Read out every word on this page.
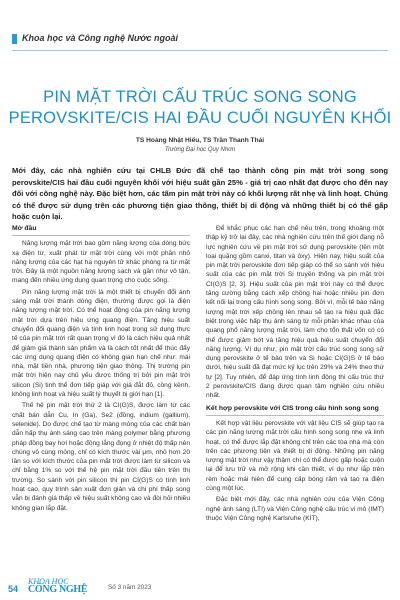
Khoa học và Công nghệ Nước ngoài
PIN MẶT TRỜI CẤU TRÚC SONG SONG
PEROVSKITE/CIS HAI ĐẦU CUỐI NGUYÊN KHỐI
TS Hoàng Nhật Hiếu, TS Trần Thanh Thái
Trường Đại học Quy Nhơn
Mới đây, các nhà nghiên cứu tại CHLB Đức đã chế tạo thành công pin mặt trời song song perovskite/CIS hai đầu cuối nguyên khối với hiệu suất gần 25% - giá trị cao nhất đạt được cho đến nay đối với công nghệ này. Đặc biệt hơn, các tấm pin mặt trời này có khối lượng rất nhẹ và linh hoạt. Chúng có thể được sử dụng trên các phương tiện giao thông, thiết bị di động và những thiết bị có thể gấp hoặc cuộn lại.
Mở đầu

Năng lượng mặt trời bao gồm năng lượng của dòng bức xạ điện từ, xuất phát từ mặt trời cùng với một phần nhỏ năng lượng của các hạt hạ nguyên tử khác phóng ra từ mặt trời. Đây là một nguồn năng lượng sạch và gần như vô tận, mang đến nhiều ứng dụng quan trọng cho cuộc sống.

Pin năng lượng mặt trời là một thiết bị chuyển đổi ánh sáng mặt trời thành dòng điện, thường được gọi là điện năng lượng mặt trời. Có thể hoạt động của pin năng lượng mặt trời dựa trên hiệu ứng quang điện. Tăng hiệu suất chuyển đổi quang điện và tính linh hoạt trong sử dụng thực tế của pin mặt trời rất quan trọng vì đó là cách hiệu quả nhất để giảm giá thành sản phẩm và là cách tốt nhất để thúc đẩy các ứng dụng quang điện có không gian hạn chế như: mái nhà, mặt tiền nhà, phương tiện giao thông. Thị trường pin mặt trời hiện nay chủ yếu được thống trị bởi pin mặt trời silicon (Si) tinh thể đơn tiếp giáp với giá đắt đỏ, cồng kềnh, không linh hoạt và hiệu suất lý thuyết bị giới hạn [1].

Thế hệ pin mặt trời thứ 2 là CI(G)S, được làm từ các chất bán dẫn Cu, In (Ga), Se2 (đồng, indium (gallium), selenide). Do được chế tạo từ màng mỏng của các chất bán dẫn hấp thụ ánh sáng cao trên màng polymer bằng phương pháp đồng bay hơi hoặc đồng lắng đọng ở nhiệt độ thấp nên chúng vô cùng mỏng, chỉ có kích thước vài μm, nhỏ hơn 20 lần so với kích thước của pin mặt trời được làm từ silicon và chỉ bằng 1% so với thế hệ pin mặt trời đầu tiên trên thị trường. So sánh với pin silicon thì pin CI(G)S có tính linh hoạt cao, quy trình sản xuất đơn giản và chi phí thấp song vẫn bị đánh giá thấp về hiệu suất không cao và đòi hỏi nhiều không gian lắp đặt.

Để khắc phục các hạn chế nêu trên, trong khoảng một thập kỷ trở lại đây, các nhà nghiên cứu trên thế giới đang nỗ lực nghiên cứu về pin mặt trời sử dụng perovskite (tên một loại quặng gồm canxi, titan và ôxy). Hiện nay, hiệu suất của pin mặt trời perovskite đơn tiếp giáp có thể so sánh với hiệu suất của các pin mặt trời Si truyền thống và pin mặt trời CI(G)S [2, 3]. Hiệu suất của pin mặt trời này có thể được tăng cường bằng cách xếp chồng hai hoặc nhiều pin đơn kết nối lại trong cấu hình song song. Bởi vì, mỗi tế bào năng lượng mặt trời xếp chồng lên nhau sẽ tạo ra hiệu quả đặc biệt trong việc hấp thụ ánh sáng từ mỗi phần khác nhau của quang phổ năng lượng mặt trời, làm cho tổn thất vốn có có thể được giảm bớt và tăng hiệu quả hiệu suất chuyển đổi năng lượng. Ví dụ như, pin mặt trời cấu trúc song song sử dụng perovskite ở tế bào trên và Si hoặc CI(G)S ở tế bào dưới, hiệu suất đã đạt mức kỷ lục trên 29% và 24% theo thứ tự [2]. Tuy nhiên, để đáp ứng tính linh động thì cấu trúc thứ 2 perovskite/CIS đang được quan tâm nghiên cứu nhiều nhất.

Kết hợp perovskite với CIS trong cấu hình song song

Kết hợp vật liệu perovskite với vật liệu CIS sẽ giúp tạo ra các pin năng lượng mặt trời cấu hình song song nhẹ và linh hoạt, có thể được lắp đặt không chỉ trên các tòa nhà mà còn trên các phương tiện và thiết bị di động. Những pin năng lượng mặt trời như vậy thậm chí có thể được gấp hoặc cuộn lại để lưu trữ và mở rộng khi cần thiết, ví dụ như lắp trên rèm hoặc mái hiên để cung cấp bóng râm và tạo ra điện cùng một lúc.

Đặc biệt mới đây, các nhà nghiên cứu của Viện Công nghệ ánh sáng (LTI) và Viện Công nghệ cấu trúc vi mô (IMT) thuộc Viện Công nghệ Karlsruhe (KIT),

54
KHOA HỌC
CÔNG NGHỆ	Số 3 năm 2023
